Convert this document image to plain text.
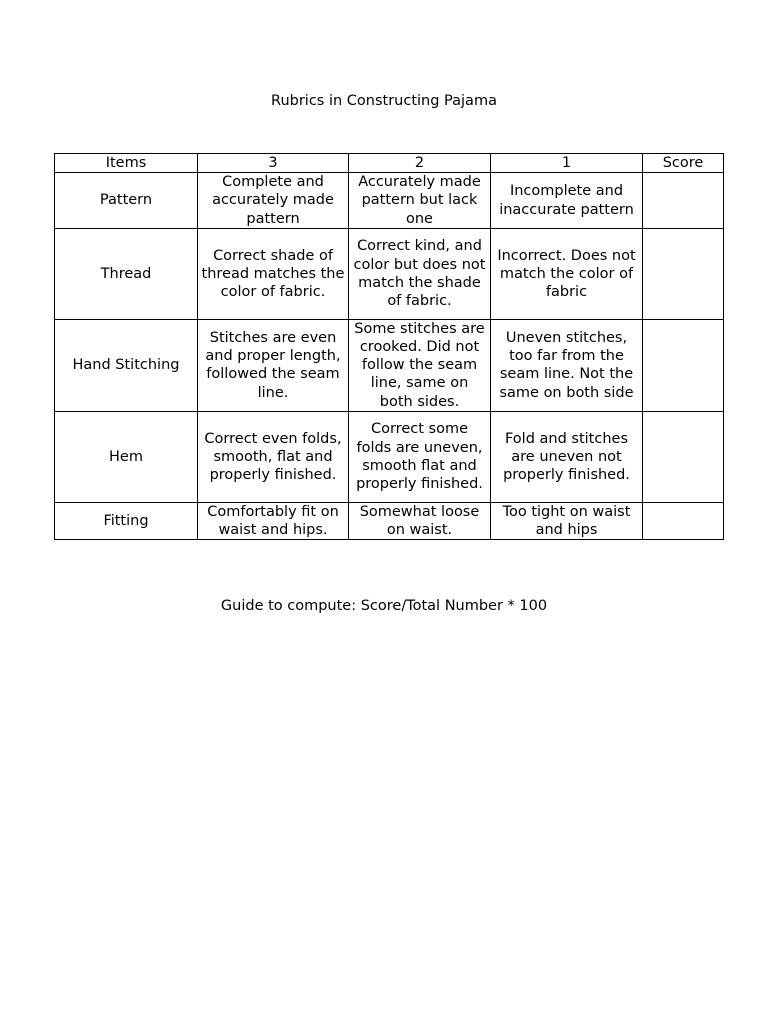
Rubrics in Constructing Pajama
Items	3	2	1	Score
Pattern	Complete and accurately made pattern	Accurately made pattern but lack one	Incomplete and inaccurate pattern	
Thread	Correct shade of thread matches the color of fabric.	Correct kind, and color but does not match the shade of fabric.	Incorrect. Does not match the color of fabric	
Hand Stitching	Stitches are even and proper length, followed the seam line.	Some stitches are crooked. Did not follow the seam line, same on both sides.	Uneven stitches, too far from the seam line. Not the same on both side	
Hem	Correct even folds, smooth, flat and properly finished.	Correct some folds are uneven, smooth flat and properly finished.	Fold and stitches are uneven not properly finished.	
Fitting	Comfortably fit on waist and hips.	Somewhat loose on waist.	Too tight on waist and hips	
Guide to compute: Score/Total Number * 100
